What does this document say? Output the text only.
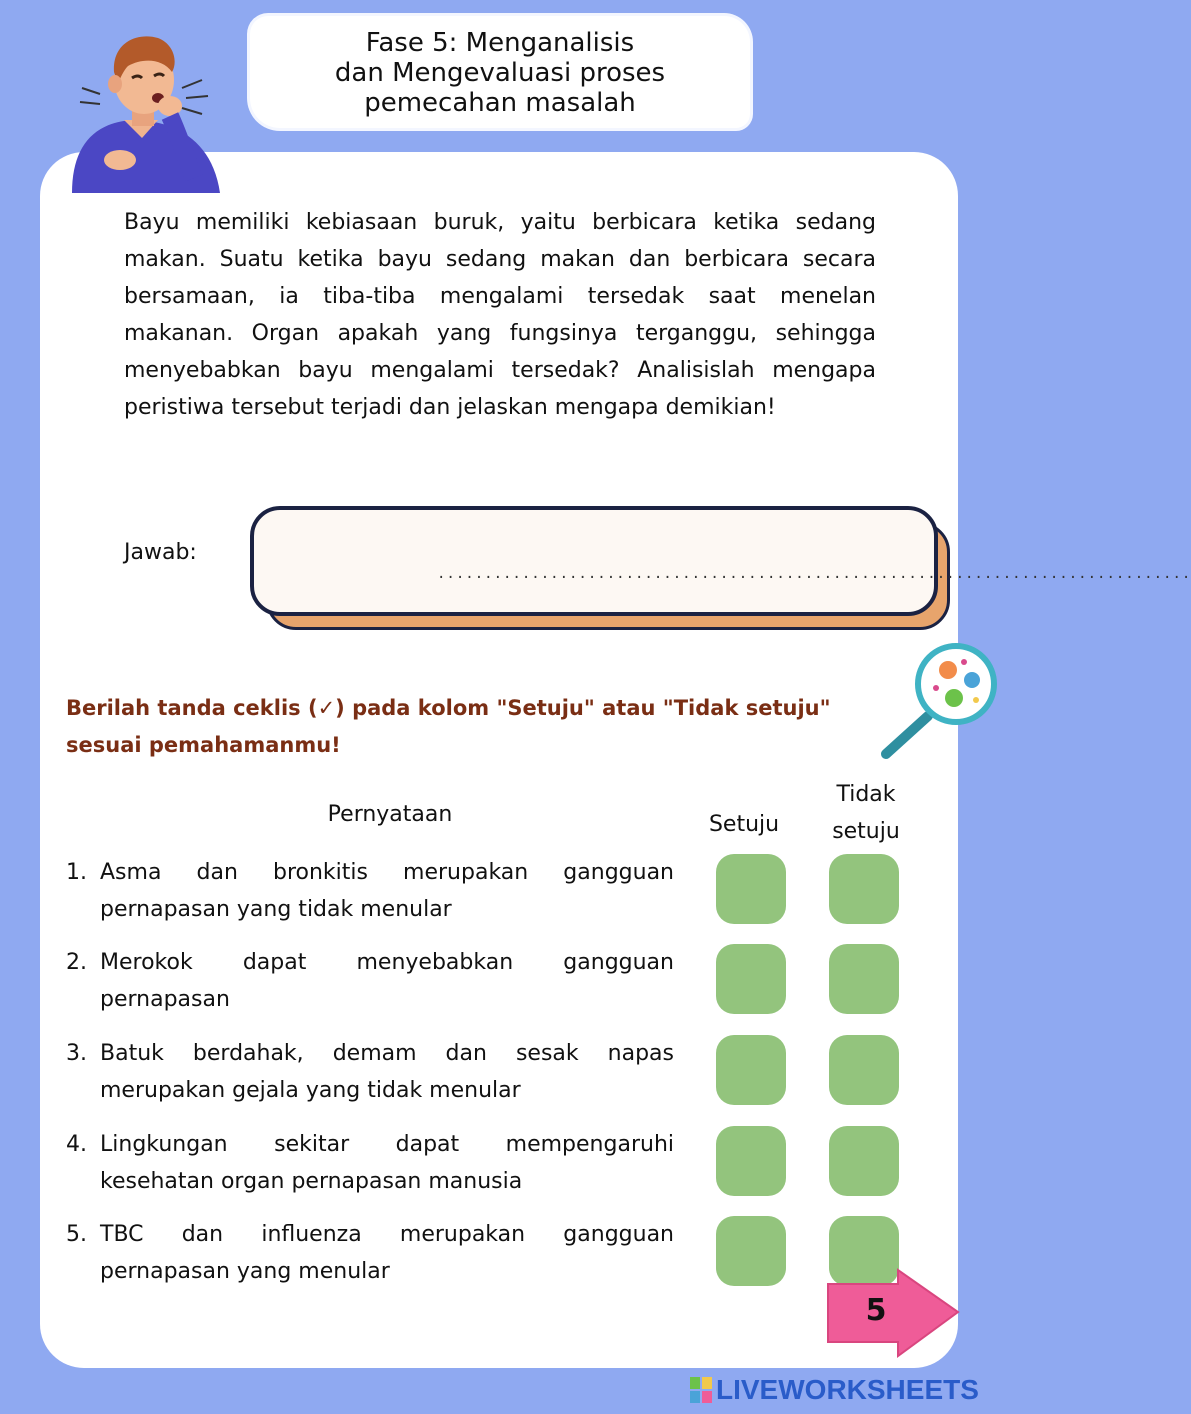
Fase 5: Menganalisis
dan Mengevaluasi proses
pemecahan masalah
Bayu memiliki kebiasaan buruk, yaitu berbicara ketika sedang makan. Suatu ketika bayu sedang makan dan berbicara secara bersamaan, ia tiba-tiba mengalami tersedak saat menelan makanan. Organ apakah yang fungsinya terganggu, sehingga menyebabkan bayu mengalami tersedak? Analisislah mengapa peristiwa tersebut terjadi dan jelaskan mengapa demikian!
Jawab:
................................................................................
Berilah tanda ceklis (✓) pada kolom "Setuju" atau "Tidak setuju" sesuai pemahamanmu!
Pernyataan	Setuju
Tidak
setuju
1. Asma dan bronkitis merupakan gangguan pernapasan yang tidak menular
2. Merokok dapat menyebabkan gangguan pernapasan
3. Batuk berdahak, demam dan sesak napas merupakan gejala yang tidak menular
4. Lingkungan sekitar dapat mempengaruhi kesehatan organ pernapasan manusia
5. TBC dan influenza merupakan gangguan pernapasan yang menular
5
LIVEWORKSHEETS
